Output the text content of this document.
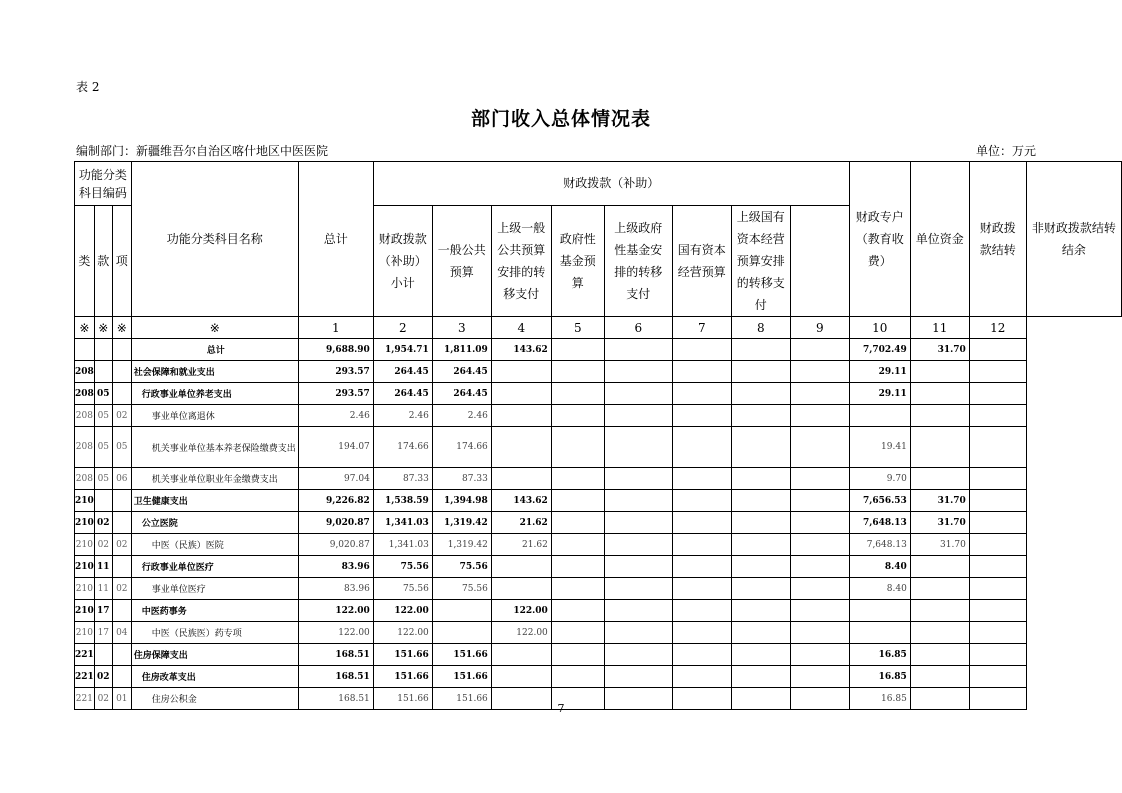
表 2
部门收入总体情况表
编制部门：新疆维吾尔自治区喀什地区中医医院	单位：万元
功能分类科目编码			功能分类科目名称	总计	财政拨款（补助）								财政专户（教育收费）	单位资金	财政拨款结转	非财政拨款结转结余
类	款	项			财政拨款（补助）小计	一般公共预算	上级一般公共预算安排的转移支付	政府性基金预算	上级政府性基金安排的转移支付	国有资本经营预算	上级国有资本经营预算安排的转移支付					
※	※	※	※	1	2	3	4	5	6	7	8	9	10	11	12	
			总计	9,688.90	1,954.71	1,811.09	143.62						7,702.49	31.70		
208			社会保障和就业支出	293.57	264.45	264.45							29.11			
208	05		行政事业单位养老支出	293.57	264.45	264.45							29.11			
208	05	02	事业单位离退休	2.46	2.46	2.46										
208	05	05	机关事业单位基本养老保险缴费支出	194.07	174.66	174.66							19.41			
208	05	06	机关事业单位职业年金缴费支出	97.04	87.33	87.33							9.70			
210			卫生健康支出	9,226.82	1,538.59	1,394.98	143.62						7,656.53	31.70		
210	02		公立医院	9,020.87	1,341.03	1,319.42	21.62						7,648.13	31.70		
210	02	02	中医（民族）医院	9,020.87	1,341.03	1,319.42	21.62						7,648.13	31.70		
210	11		行政事业单位医疗	83.96	75.56	75.56							8.40			
210	11	02	事业单位医疗	83.96	75.56	75.56							8.40			
210	17		中医药事务	122.00	122.00		122.00									
210	17	04	中医（民族医）药专项	122.00	122.00		122.00									
221			住房保障支出	168.51	151.66	151.66							16.85			
221	02		住房改革支出	168.51	151.66	151.66							16.85			
221	02	01	住房公积金	168.51	151.66	151.66							16.85			
7
